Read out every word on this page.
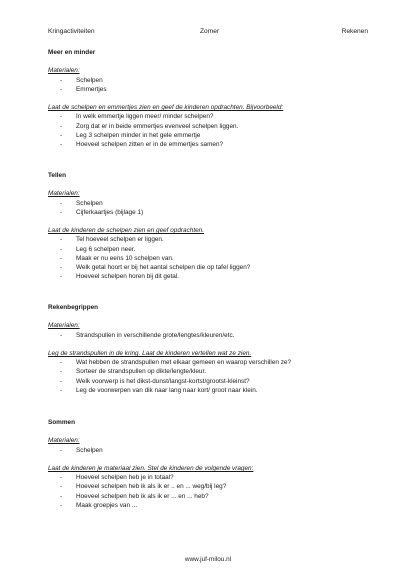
Kringactiviteiten	Zomer	Rekenen

Meer en minder

Materialen:

- Schelpen
- Emmertjes

Laat de schelpen en emmertjes zien en geef de kinderen opdrachten. Bijvoorbeeld:

- In welk emmertje liggen meer/ minder schelpen?
- Zorg dat er in beide emmertjes evenveel schelpen liggen.
- Leg 3 schelpen minder in het gele emmertje
- Hoeveel schelpen zitten er in de emmertjes samen?

Tellen

Materialen:

- Schelpen
- Cijferkaartjes (bijlage 1)

Laat de kinderen de schelpen zien en geef opdrachten.

- Tel hoeveel schelpen er liggen.
- Leg 6 schelpen neer.
- Maak er nu eens 10 schelpen van.
- Welk getal hoort er bij het aantal schelpen die op tafel liggen?
- Hoeveel schelpen horen bij dit getal.

Rekenbegrippen

Materialen:

- Strandspullen in verschillende grote/lengtes/kleuren/etc.

Leg de strandspullen in de kring. Laat de kinderen vertellen wat ze zien.

- Wat hebben de strandspullen met elkaar gemeen en waarop verschillen ze?
- Sorteer de strandspullen op dikte/lengte/kleur.
- Welk voorwerp is het dikst-dunst/langst-kortst/grootst-kleinst?
- Leg de voorwerpen van dik naar lang naar kort/ groot naar klein.

Sommen

Materialen:

- Schelpen

Laat de kinderen je materiaal zien. Stel de kinderen de volgende vragen:

- Hoeveel schelpen heb je in totaal?
- Hoeveel schelpen heb ik als ik er .. en ... weg/bij leg?
- Hoeveel schelpen heb ik als ik er ... en ... heb?
- Maak groepjes van ...
www.juf-milou.nl
